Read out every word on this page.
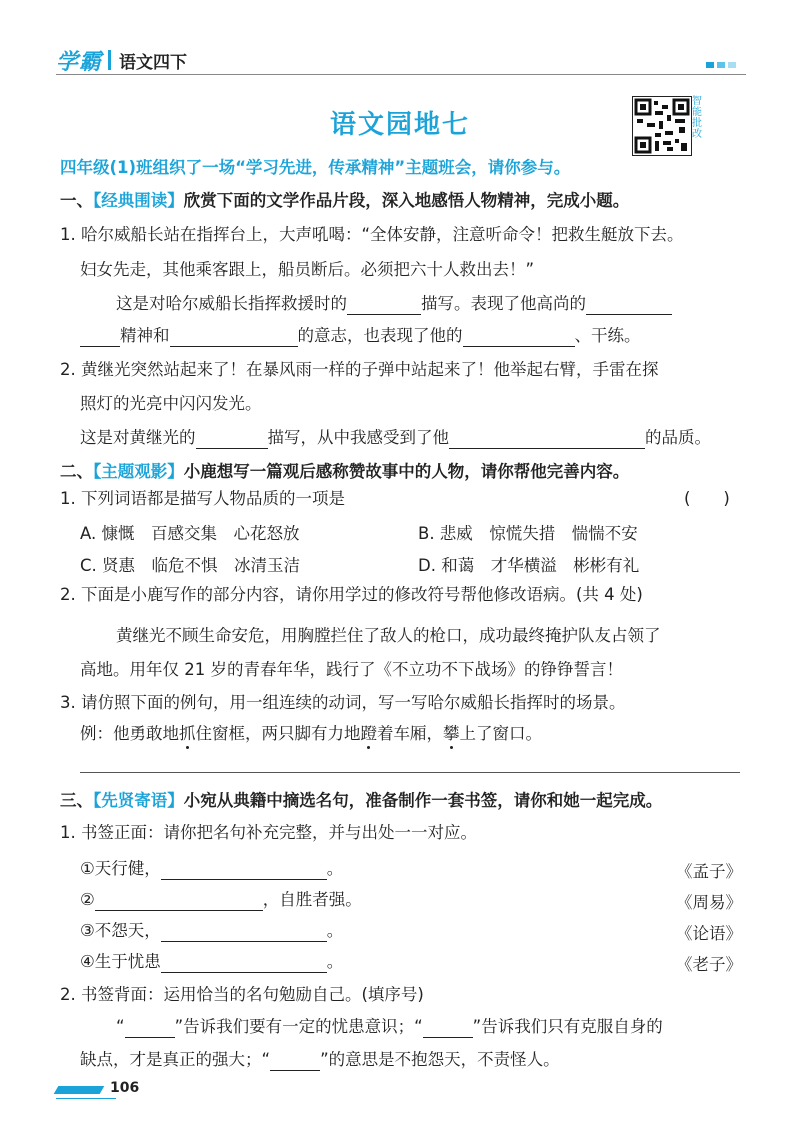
学霸 语文四下
语文园地七
智能批改
四年级(1)班组织了一场“学习先进，传承精神”主题班会，请你参与。
一、【经典围读】欣赏下面的文学作品片段，深入地感悟人物精神，完成小题。
1. 哈尔威船长站在指挥台上，大声吼喝：“全体安静，注意听命令！把救生艇放下去。
妇女先走，其他乘客跟上，船员断后。必须把六十人救出去！”
这是对哈尔威船长指挥救援时的	描写。表现了他高尚的
精神和	的意志，也表现了他的	、干练。
2. 黄继光突然站起来了！在暴风雨一样的子弹中站起来了！他举起右臂，手雷在探
照灯的光亮中闪闪发光。
这是对黄继光的	描写，从中我感受到了他	的品质。
二、【主题观影】小鹿想写一篇观后感称赞故事中的人物，请你帮他完善内容。
1. 下列词语都是描写人物品质的一项是	(　　)
A. 慷慨　百感交集　心花怒放	B. 悲威　惊慌失措　惴惴不安
C. 贤惠　临危不惧　冰清玉洁	D. 和蔼　才华横溢　彬彬有礼
2. 下面是小鹿写作的部分内容，请你用学过的修改符号帮他修改语病。(共 4 处)
黄继光不顾生命安危，用胸膛拦住了敌人的枪口，成功最终掩护队友占领了
高地。用年仅 21 岁的青春年华，践行了《不立功不下战场》的铮铮誓言！
3. 请仿照下面的例句，用一组连续的动词，写一写哈尔威船长指挥时的场景。
例：他勇敢地抓住窗框，两只脚有力地蹬着车厢，攀上了窗口。
三、【先贤寄语】小宛从典籍中摘选名句，准备制作一套书签，请你和她一起完成。
1. 书签正面：请你把名句补充完整，并与出处一一对应。
①天行健，	。	《孟子》
②	，自胜者强。	《周易》
③不怨天，	。	《论语》
④生于忧患	。	《老子》
2. 书签背面：运用恰当的名句勉励自己。(填序号)
“	”告诉我们要有一定的忧患意识；“	”告诉我们只有克服自身的
缺点，才是真正的强大；“	”的意思是不抱怨天，不责怪人。
106
